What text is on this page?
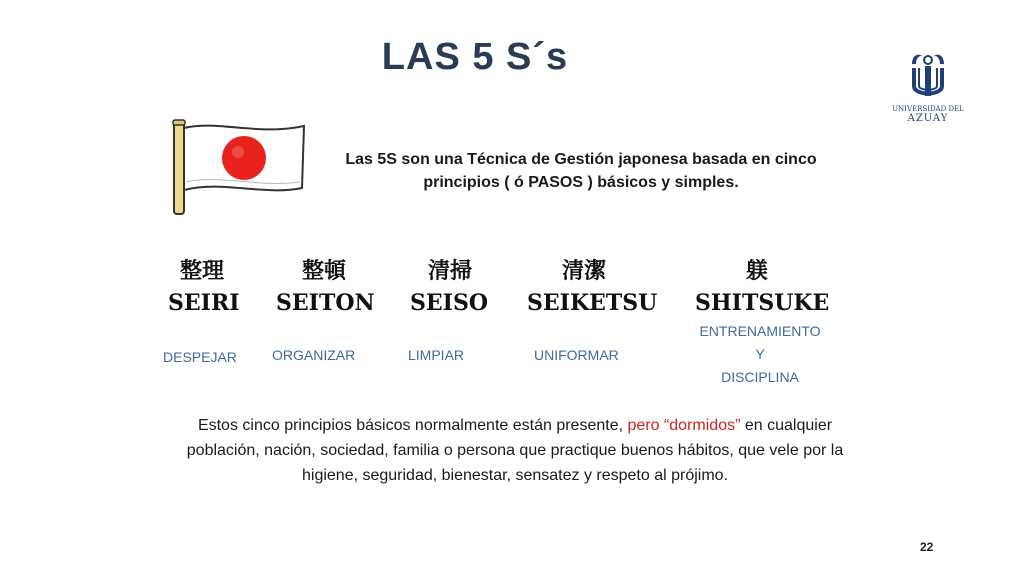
LAS 5 S´s
UNIVERSIDAD DEL
AZUAY
Las 5S son una Técnica de Gestión japonesa basada en cinco principios ( ó PASOS ) básicos y simples.
整理
SEIRI
DESPEJAR
整頓
SEITON
ORGANIZAR
清掃
SEISO
LIMPIAR
清潔
SEIKETSU
UNIFORMAR
躾
SHITSUKE
ENTRENAMIENTO
Y
DISCIPLINA
Estos cinco principios básicos normalmente están presente, pero “dormidos” en cualquier población, nación, sociedad, familia o persona que practique buenos hábitos, que vele por la higiene, seguridad, bienestar, sensatez y respeto al prójimo.
22
